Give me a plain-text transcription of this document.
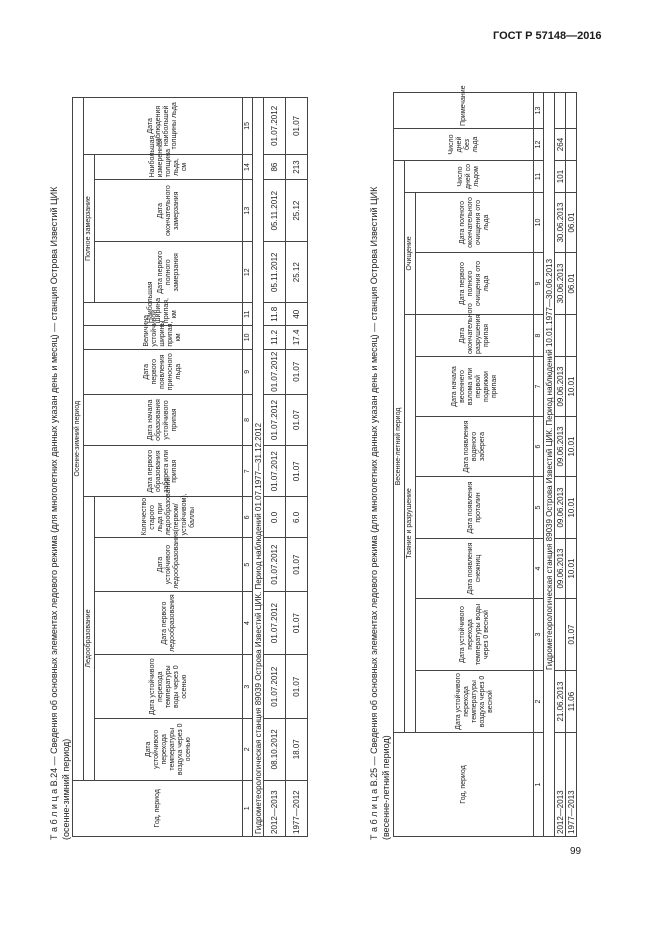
ГОСТ Р 57148—2016
99
Т а б л и ц а В.24 — Сведения об основных элементах ледового режима (для многолетних данных указан день и месяц) — станция Острова Известий ЦИК (осенне-зимний период)	Год, период	Осенне-зимний период													
	Ледообразование					Дата первого образования заберега или припая	Дата начала образования устойчивого припая	Дата первого появления приносного льда	Величина устойчивой ширины припая, км	Наибольшая ширина припая, км	Полное замерзание			Дата наблюдения наибольшей толщины льда
	Дата устойчивого перехода температуры воздуха через 0 осенью	Дата устойчивого перехода температуры воды через 0 осенью	Дата первого ледообразования	Дата устойчивого ледообразования	Количество старого льда при ледообразовании (первом/устойчивом), баллы						Дата первого полного замерзания	Дата окончательного замерзания	Наибольшая измеренная толщина льда, см	
1	2	3	4	5	6	7	8	9	10	11	12	13	14	15
Гидрометеорологическая станция 89039 Острова Известий ЦИК. Период наблюдений 01.07.1977—31.12.2012														
2012—2013	08.10.2012	01.07.2012	01.07.2012	01.07.2012	0.0	01.07.2012	01.07.2012	01.07.2012	11.2	11.8	05.11.2012	05.11.2012	86	01.07.2012
1977—2012	18.07	01.07	01.07	01.07	6.0	01.07	01.07	01.07	17.4	40	25.12	25.12	213	01.07
Т а б л и ц а В.25 — Сведения об основных элементах ледового режима (для многолетних данных указан день и месяц) — станция Острова Известий ЦИК (весенне-летний период)	Год, период	Весенне-летний период										Число дней без льда	Примечание
	Таяние и разрушение							Очищение		Число дней со льдом		
	Дата устойчивого перехода температуры воздуха через 0 весной	Дата устойчивого перехода температуры воды через 0 весной	Дата появления снежниц	Дата появления проталин	Дата появления водяного заберега	Дата начала весеннего взлома или первой подвижки припая	Дата окончательного разрушения припая	Дата первого полного очищения ото льда	Дата полного окончательного очищения ото льда			
1	2	3	4	5	6	7	8	9	10	11	12	13
Гидрометеорологическая станция 89039 Острова Известий ЦИК. Период наблюдений 10.01.1977—30.06.2013												
2012—2013	21.06.2013		09.06.2013	09.06.2013	09.06.2013	09.06.2013		30.06.2013	30.06.2013	101	264	
1977—2013	11.06	01.07	10.01	10.01	10.01	10.01		06.01	06.01			
